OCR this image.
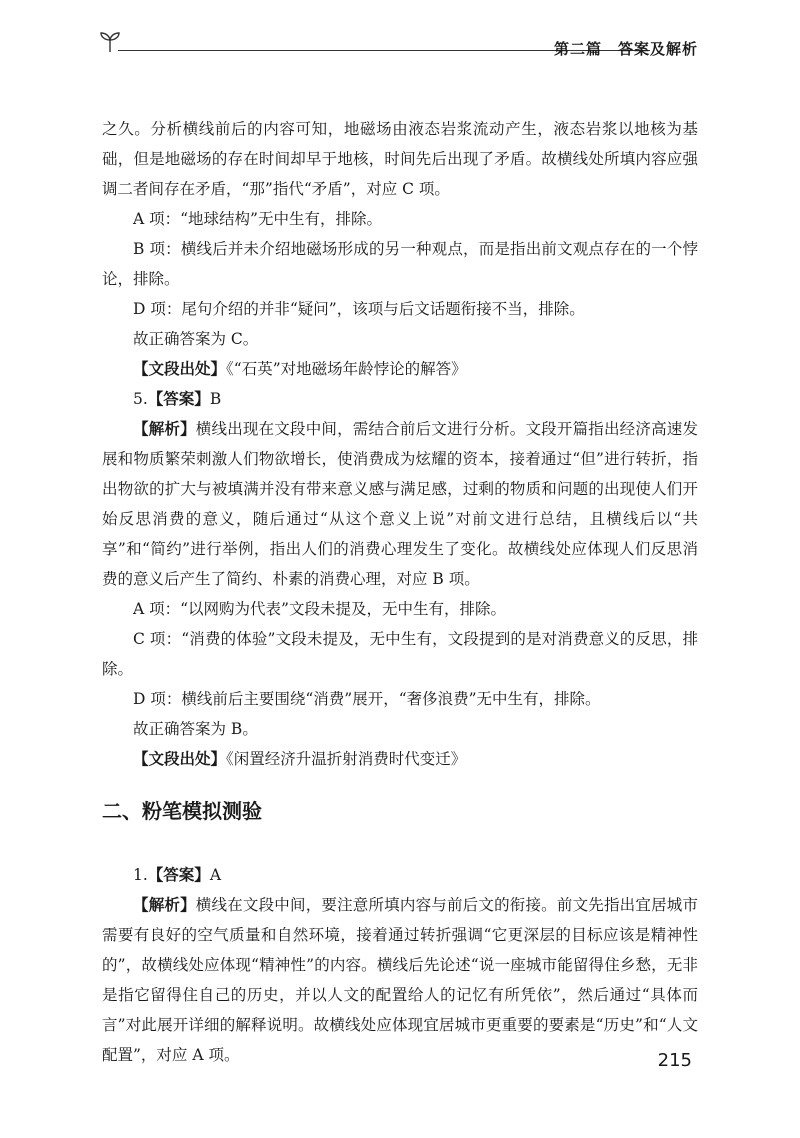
第二篇　答案及解析

之久。分析横线前后的内容可知，地磁场由液态岩浆流动产生，液态岩浆以地核为基础，但是地磁场的存在时间却早于地核，时间先后出现了矛盾。故横线处所填内容应强调二者间存在矛盾，“那”指代“矛盾”，对应 C 项。

A 项：“地球结构”无中生有，排除。

B 项：横线后并未介绍地磁场形成的另一种观点，而是指出前文观点存在的一个悖论，排除。

D 项：尾句介绍的并非“疑问”，该项与后文话题衔接不当，排除。

故正确答案为 C。

【文段出处】《“石英”对地磁场年龄悖论的解答》

5.【答案】B

【解析】横线出现在文段中间，需结合前后文进行分析。文段开篇指出经济高速发展和物质繁荣刺激人们物欲增长，使消费成为炫耀的资本，接着通过“但”进行转折，指出物欲的扩大与被填满并没有带来意义感与满足感，过剩的物质和问题的出现使人们开始反思消费的意义，随后通过“从这个意义上说”对前文进行总结，且横线后以“共享”和“简约”进行举例，指出人们的消费心理发生了变化。故横线处应体现人们反思消费的意义后产生了简约、朴素的消费心理，对应 B 项。

A 项：“以网购为代表”文段未提及，无中生有，排除。

C 项：“消费的体验”文段未提及，无中生有，文段提到的是对消费意义的反思，排除。

D 项：横线前后主要围绕“消费”展开，“奢侈浪费”无中生有，排除。

故正确答案为 B。

【文段出处】《闲置经济升温折射消费时代变迁》

二、粉笔模拟测验

1.【答案】A

【解析】横线在文段中间，要注意所填内容与前后文的衔接。前文先指出宜居城市需要有良好的空气质量和自然环境，接着通过转折强调“它更深层的目标应该是精神性的”，故横线处应体现“精神性”的内容。横线后先论述“说一座城市能留得住乡愁，无非是指它留得住自己的历史，并以人文的配置给人的记忆有所凭依”，然后通过“具体而言”对此展开详细的解释说明。故横线处应体现宜居城市更重要的要素是“历史”和“人文配置”，对应 A 项。	215
